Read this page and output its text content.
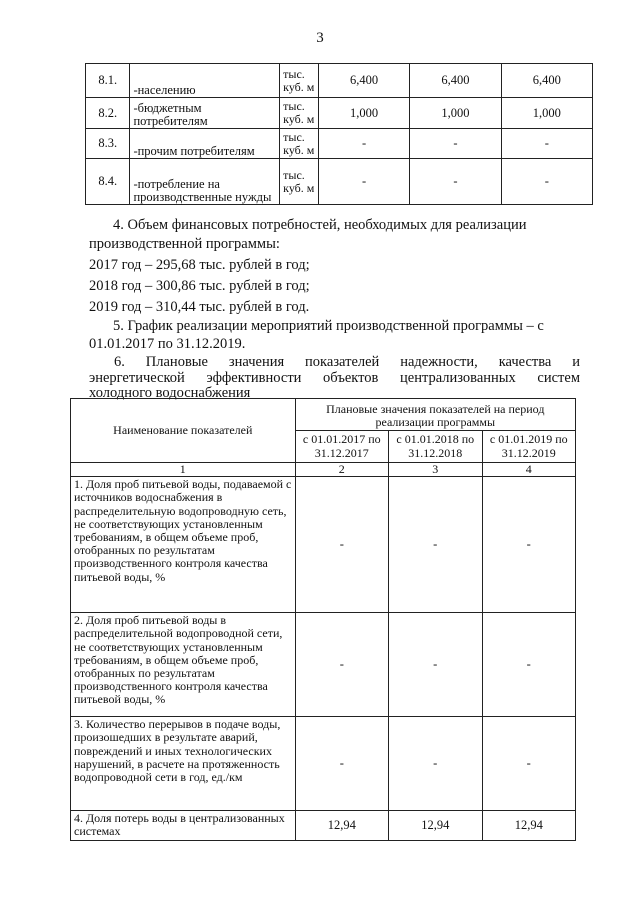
3
8.1.	-населению	тыс. куб. м	6,400	6,400	6,400
8.2.	-бюджетным потребителям	тыс. куб. м	1,000	1,000	1,000
8.3.	-прочим потребителям	тыс. куб. м	-	-	-
8.4.	-потребление на производственные нужды	тыс. куб. м	-	-	-

4. Объем финансовых потребностей, необходимых для реализации

производственной программы:

2017 год – 295,68 тыс. рублей в год;

2018 год – 300,86 тыс. рублей в год;

2019 год – 310,44 тыс. рублей в год.

5. График реализации мероприятий производственной программы – с

01.01.2017 по 31.12.2019.

6. Плановые значения показателей надежности, качества и

энергетической эффективности объектов централизованных систем

холодного водоснабжения

Наименование показателей	Плановые значения показателей на период реализации программы		
	с 01.01.2017 по 31.12.2017	с 01.01.2018 по 31.12.2018	с 01.01.2019 по 31.12.2019
1	2	3	4
1. Доля проб питьевой воды, подаваемой с источников водоснабжения в распределительную водопроводную сеть, не соответствующих установленным требованиям, в общем объеме проб, отобранных по результатам производственного контроля качества питьевой воды, %	-	-	-
2. Доля проб питьевой воды в распределительной водопроводной сети, не соответствующих установленным требованиям, в общем объеме проб, отобранных по результатам производственного контроля качества питьевой воды, %	-	-	-
3. Количество перерывов в подаче воды, произошедших в результате аварий, повреждений и иных технологических нарушений, в расчете на протяженность водопроводной сети в год, ед./км	-	-	-
4. Доля потерь воды в централизованных системах	12,94	12,94	12,94
